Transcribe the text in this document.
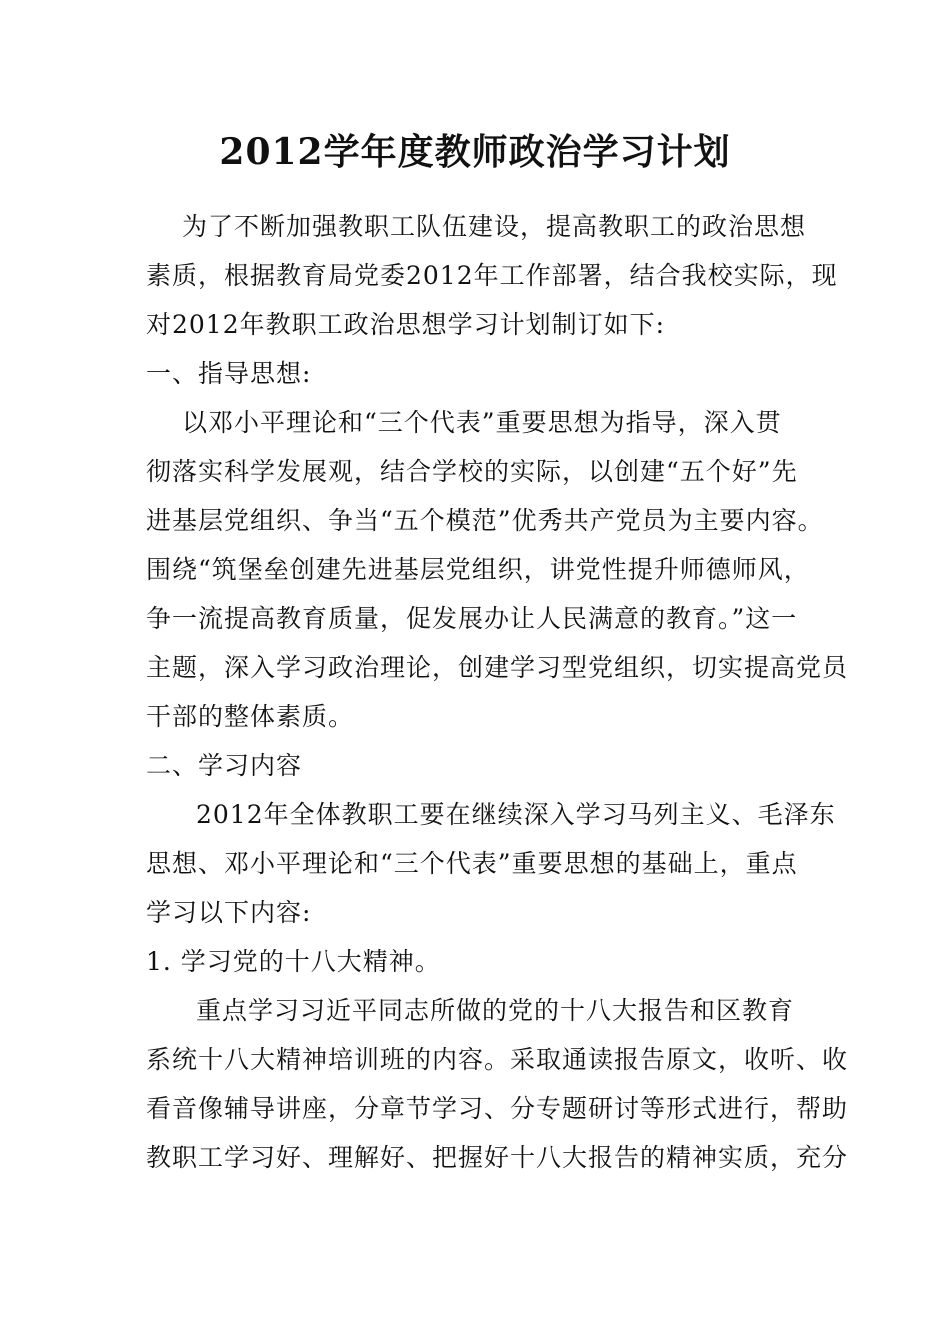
2012学年度教师政治学习计划
为了不断加强教职工队伍建设，提高教职工的政治思想
素质，根据教育局党委2012年工作部署，结合我校实际，现
对2012年教职工政治思想学习计划制订如下:
一、指导思想:
以邓小平理论和“三个代表”重要思想为指导，深入贯
彻落实科学发展观，结合学校的实际，以创建“五个好”先
进基层党组织、争当“五个模范”优秀共产党员为主要内容。
围绕“筑堡垒创建先进基层党组织，讲党性提升师德师风，
争一流提高教育质量，促发展办让人民满意的教育。”这一
主题，深入学习政治理论，创建学习型党组织，切实提高党员
干部的整体素质。
二、学习内容
2012年全体教职工要在继续深入学习马列主义、毛泽东
思想、邓小平理论和“三个代表”重要思想的基础上，重点
学习以下内容:
1. 学习党的十八大精神。
重点学习习近平同志所做的党的十八大报告和区教育
系统十八大精神培训班的内容。采取通读报告原文，收听、收
看音像辅导讲座，分章节学习、分专题研讨等形式进行，帮助
教职工学习好、理解好、把握好十八大报告的精神实质，充分
